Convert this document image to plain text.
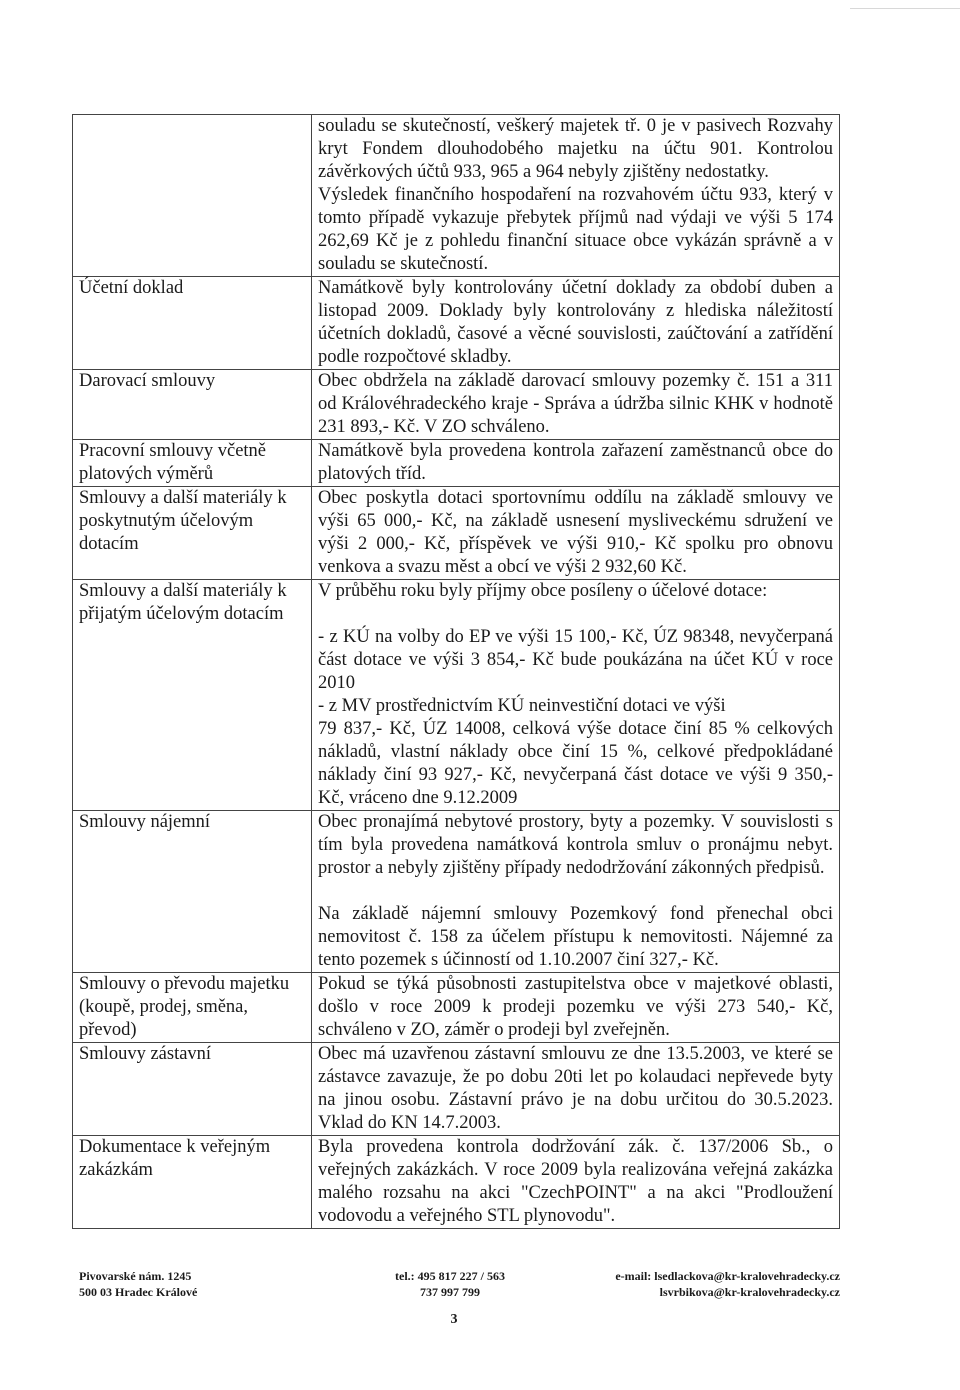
	souladu se skutečností, veškerý majetek tř. 0 je v pasivech Rozvahy kryt Fondem dlouhodobého majetku na účtu 901. Kontrolou závěrkových účtů 933, 965 a 964 nebyly zjištěny nedostatky.
Výsledek finančního hospodaření na rozvahovém účtu 933, který v tomto případě vykazuje přebytek příjmů nad výdaji ve výši 5 174 262,69 Kč je z pohledu finanční situace obce vykázán správně a v souladu se skutečností.

Účetní doklad	Namátkově byly kontrolovány účetní doklady za období duben a listopad 2009. Doklady byly kontrolovány z hlediska náležitostí účetních dokladů, časové a věcné souvislosti, zaúčtování a zatřídění podle rozpočtové skladby.

Darovací smlouvy	Obec obdržela na základě darovací smlouvy pozemky č. 151 a 311 od Královéhradeckého kraje - Správa a údržba silnic KHK v hodnotě 231 893,- Kč. V ZO schváleno.

Pracovní smlouvy včetně platových výměrů	Namátkově byla provedena kontrola zařazení zaměstnanců obce do platových tříd.

Smlouvy a další materiály k poskytnutým účelovým dotacím	Obec poskytla dotaci sportovnímu oddílu na základě smlouvy ve výši 65 000,- Kč, na základě usnesení mysliveckému sdružení ve výši 2 000,- Kč, příspěvek ve výši 910,- Kč spolku pro obnovu venkova a svazu měst a obcí ve výši 2 932,60 Kč.

Smlouvy a další materiály k přijatým účelovým dotacím	V průběhu roku byly příjmy obce posíleny o účelové dotace:
- z KÚ na volby do EP ve výši 15 100,- Kč, ÚZ 98348, nevyčerpaná část dotace ve výši 3 854,- Kč bude poukázána na účet KÚ v roce 2010
- z MV prostřednictvím KÚ neinvestiční dotaci ve výši
79 837,- Kč, ÚZ 14008, celková výše dotace činí 85 % celkových nákladů, vlastní náklady obce činí 15 %, celkové předpokládané náklady činí 93 927,- Kč, nevyčerpaná část dotace ve výši 9 350,- Kč, vráceno dne 9.12.2009

Smlouvy nájemní	Obec pronajímá nebytové prostory, byty a pozemky. V souvislosti s tím byla provedena namátková kontrola smluv o pronájmu nebyt. prostor a nebyly zjištěny případy nedodržování zákonných předpisů.
Na základě nájemní smlouvy Pozemkový fond přenechal obci nemovitost č. 158 za účelem přístupu k nemovitosti. Nájemné za tento pozemek s účinností od 1.10.2007 činí 327,- Kč.

Smlouvy o převodu majetku (koupě, prodej, směna, převod)	Pokud se týká působnosti zastupitelstva obce v majetkové oblasti, došlo v roce 2009 k prodeji pozemku ve výši 273 540,- Kč, schváleno v ZO, záměr o prodeji byl zveřejněn.

Smlouvy zástavní	Obec má uzavřenou zástavní smlouvu ze dne 13.5.2003, ve které se zástavce zavazuje, že po dobu 20ti let po kolaudaci nepřevede byty na jinou osobu. Zástavní právo je na dobu určitou do 30.5.2023. Vklad do KN 14.7.2003.

Dokumentace k veřejným zakázkám	Byla provedena kontrola dodržování zák. č. 137/2006 Sb., o veřejných zakázkách. V roce 2009 byla realizována veřejná zakázka malého rozsahu na akci "CzechPOINT" a na akci "Prodloužení vodovodu a veřejného STL plynovodu".
Pivovarské nám. 1245
500 03 Hradec Králové
tel.: 495 817 227 / 563
737 997 799
e-mail: lsedlackova@kr-kralovehradecky.cz
lsvrbikova@kr-kralovehradecky.cz
3
